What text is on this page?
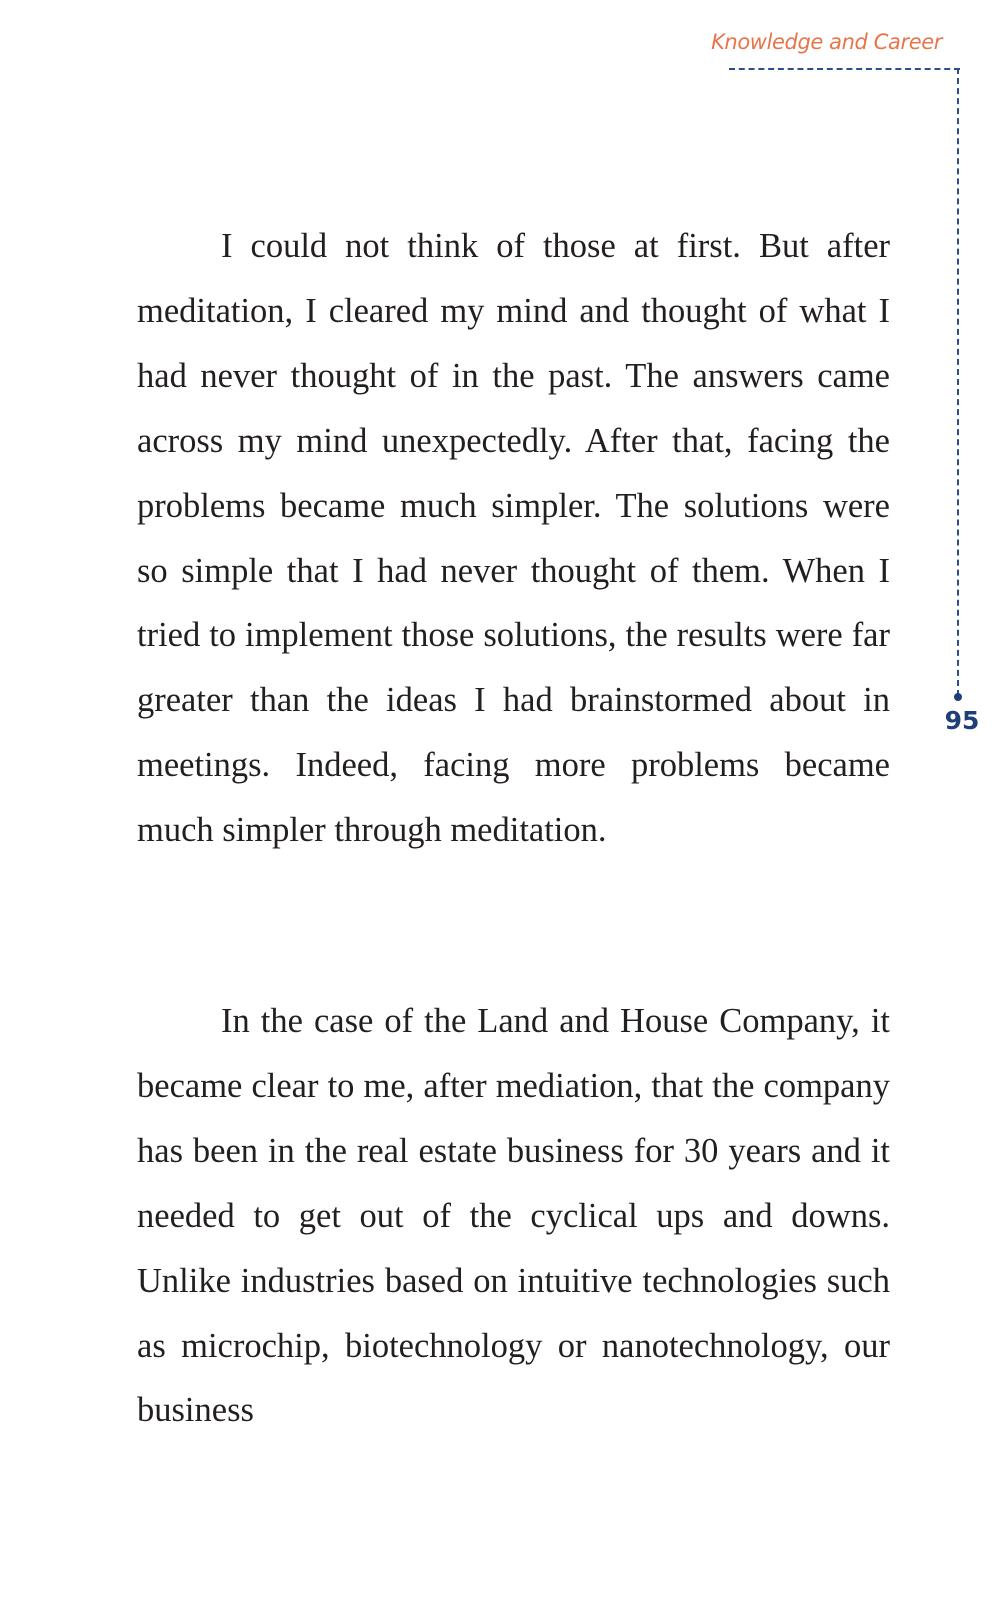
Knowledge and Career
95

I could not think of those at first. But after meditation, I cleared my mind and thought of what I had never thought of in the past. The answers came across my mind unexpectedly. After that, facing the problems became much simpler. The solutions were so simple that I had never thought of them. When I tried to implement those solutions, the results were far greater than the ideas I had brainstormed about in meetings. Indeed, facing more problems became much simpler through meditation.

In the case of the Land and House Company, it became clear to me, after mediation, that the company has been in the real estate business for 30 years and it needed to get out of the cyclical ups and downs. Unlike industries based on intuitive technologies such as microchip, biotechnology or nanotechnology, our business
